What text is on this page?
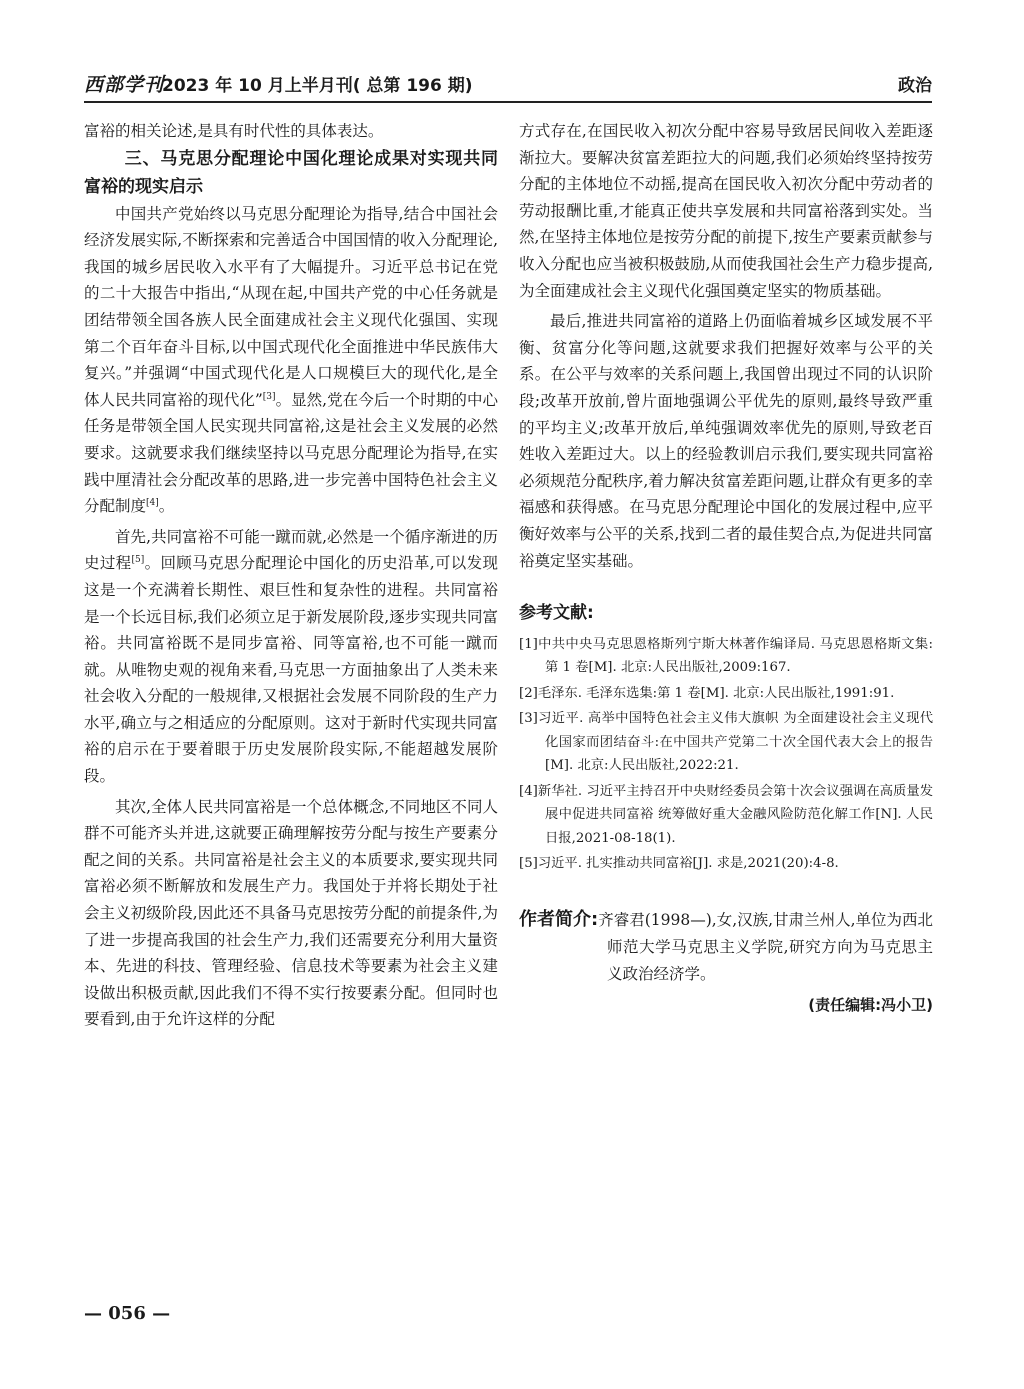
西部学刊
2023 年 10 月上半月刊( 总第 196 期)	政治

富裕的相关论述,是具有时代性的具体表达。

三、马克思分配理论中国化理论成果对实现共同富裕的现实启示

中国共产党始终以马克思分配理论为指导,结合中国社会经济发展实际,不断探索和完善适合中国国情的收入分配理论,我国的城乡居民收入水平有了大幅提升。习近平总书记在党的二十大报告中指出,“从现在起,中国共产党的中心任务就是团结带领全国各族人民全面建成社会主义现代化强国、实现第二个百年奋斗目标,以中国式现代化全面推进中华民族伟大复兴。”并强调“中国式现代化是人口规模巨大的现代化,是全体人民共同富裕的现代化”[3]。显然,党在今后一个时期的中心任务是带领全国人民实现共同富裕,这是社会主义发展的必然要求。这就要求我们继续坚持以马克思分配理论为指导,在实践中厘清社会分配改革的思路,进一步完善中国特色社会主义分配制度[4]。

首先,共同富裕不可能一蹴而就,必然是一个循序渐进的历史过程[5]。回顾马克思分配理论中国化的历史沿革,可以发现这是一个充满着长期性、艰巨性和复杂性的进程。共同富裕是一个长远目标,我们必须立足于新发展阶段,逐步实现共同富裕。共同富裕既不是同步富裕、同等富裕,也不可能一蹴而就。从唯物史观的视角来看,马克思一方面抽象出了人类未来社会收入分配的一般规律,又根据社会发展不同阶段的生产力水平,确立与之相适应的分配原则。这对于新时代实现共同富裕的启示在于要着眼于历史发展阶段实际,不能超越发展阶段。

其次,全体人民共同富裕是一个总体概念,不同地区不同人群不可能齐头并进,这就要正确理解按劳分配与按生产要素分配之间的关系。共同富裕是社会主义的本质要求,要实现共同富裕必须不断解放和发展生产力。我国处于并将长期处于社会主义初级阶段,因此还不具备马克思按劳分配的前提条件,为了进一步提高我国的社会生产力,我们还需要充分利用大量资本、先进的科技、管理经验、信息技术等要素为社会主义建设做出积极贡献,因此我们不得不实行按要素分配。但同时也要看到,由于允许这样的分配

方式存在,在国民收入初次分配中容易导致居民间收入差距逐渐拉大。要解决贫富差距拉大的问题,我们必须始终坚持按劳分配的主体地位不动摇,提高在国民收入初次分配中劳动者的劳动报酬比重,才能真正使共享发展和共同富裕落到实处。当然,在坚持主体地位是按劳分配的前提下,按生产要素贡献参与收入分配也应当被积极鼓励,从而使我国社会生产力稳步提高,为全面建成社会主义现代化强国奠定坚实的物质基础。

最后,推进共同富裕的道路上仍面临着城乡区域发展不平衡、贫富分化等问题,这就要求我们把握好效率与公平的关系。在公平与效率的关系问题上,我国曾出现过不同的认识阶段;改革开放前,曾片面地强调公平优先的原则,最终导致严重的平均主义;改革开放后,单纯强调效率优先的原则,导致老百姓收入差距过大。以上的经验教训启示我们,要实现共同富裕必须规范分配秩序,着力解决贫富差距问题,让群众有更多的幸福感和获得感。在马克思分配理论中国化的发展过程中,应平衡好效率与公平的关系,找到二者的最佳契合点,为促进共同富裕奠定坚实基础。

参考文献:
[1]中共中央马克思恩格斯列宁斯大林著作编译局. 马克思恩格斯文集:第 1 卷[M]. 北京:人民出版社,2009:167.
[2]毛泽东. 毛泽东选集:第 1 卷[M]. 北京:人民出版社,1991:91.
[3]习近平. 高举中国特色社会主义伟大旗帜 为全面建设社会主义现代化国家而团结奋斗:在中国共产党第二十次全国代表大会上的报告[M]. 北京:人民出版社,2022:21.
[4]新华社. 习近平主持召开中央财经委员会第十次会议强调在高质量发展中促进共同富裕 统筹做好重大金融风险防范化解工作[N]. 人民日报,2021-08-18(1).
[5]习近平. 扎实推动共同富裕[J]. 求是,2021(20):4-8.
作者简介:齐睿君(1998—),女,汉族,甘肃兰州人,单位为西北师范大学马克思主义学院,研究方向为马克思主义政治经济学。
(责任编辑:冯小卫)
— 056 —
